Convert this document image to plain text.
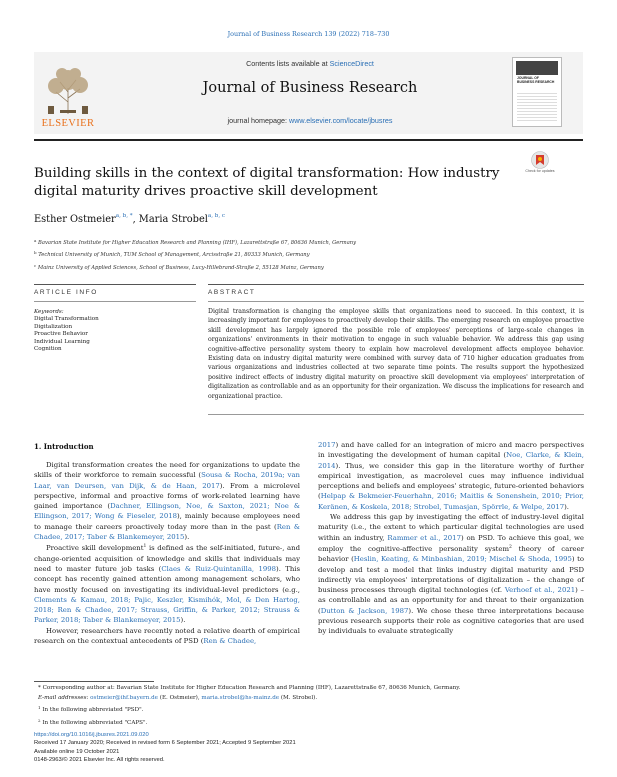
Journal of Business Research 139 (2022) 718–730
ELSEVIER
Contents lists available at ScienceDirect
Journal of Business Research
journal homepage: www.elsevier.com/locate/jbusres
JOURNAL OF BUSINESS RESEARCH
Building skills in the context of digital transformation: How industry digital maturity drives proactive skill development
Check for updates
Esther Ostmeier$^{a, b, *}$, Maria Strobel$^{a, b, c}$
$^a$ Bavarian State Institute for Higher Education Research and Planning (IHF), Lazarettstraße 67, 80636 Munich, Germany
$^b$ Technical University of Munich, TUM School of Management, Arcisstraße 21, 80333 Munich, Germany
$^c$ Mainz University of Applied Sciences, School of Business, Lucy-Hillebrand-Straße 2, 55128 Mainz, Germany
ARTICLE INFO	ABSTRACT
Keywords:
Digital Transformation
Digitalization
Proactive Behavior
Individual Learning
Cognition
Digital transformation is changing the employee skills that organizations need to succeed. In this context, it is increasingly important for employees to proactively develop their skills. The emerging research on employee proactive skill development has largely ignored the possible role of employees' perceptions of large-scale changes in organizations' environments in their motivation to engage in such valuable behavior. We address this gap using cognitive-affective personality system theory to explain how macrolevel development affects employee behavior. Existing data on industry digital maturity were combined with survey data of 710 higher education graduates from various organizations and industries collected at two separate time points. The results support the hypothesized positive indirect effects of industry digital maturity on proactive skill development via employees' interpretation of digitalization as controllable and as an opportunity for their organization. We discuss the implications for research and organizational practice.
1. Introduction

Digital transformation creates the need for organizations to update the skills of their workforce to remain successful (Sousa & Rocha, 2019a; van Laar, van Deursen, van Dijk, & de Haan, 2017). From a microlevel perspective, informal and proactive forms of work-related learning have gained importance (Dachner, Ellingson, Noe, & Saxton, 2021; Noe & Ellingson, 2017; Wong & Fieseler, 2018), mainly because employees need to manage their careers proactively today more than in the past (Ren & Chadee, 2017; Taber & Blankemeyer, 2015).

Proactive skill development$^1$ is defined as the self-initiated, future-, and change-oriented acquisition of knowledge and skills that individuals may need to master future job tasks (Claes & Ruiz-Quintanilla, 1998). This concept has recently gained attention among management scholars, who have mostly focused on investigating its individual-level predictors (e.g., Clements & Kamau, 2018; Pajic, Keszler, Kismihók, Mol, & Den Hartog, 2018; Ren & Chadee, 2017; Strauss, Griffin, & Parker, 2012; Strauss & Parker, 2018; Taber & Blankemeyer, 2015).

However, researchers have recently noted a relative dearth of empirical research on the contextual antecedents of PSD (Ren & Chadee,

2017) and have called for an integration of micro and macro perspectives in investigating the development of human capital (Noe, Clarke, & Klein, 2014). Thus, we consider this gap in the literature worthy of further empirical investigation, as macrolevel cues may influence individual perceptions and beliefs and employees' strategic, future-oriented behaviors (Helpap & Bekmeier-Feuerhahn, 2016; Maitlis & Sonenshein, 2010; Prior, Keränen, & Koskela, 2018; Strobel, Tumasjan, Spörrle, & Welpe, 2017).

We address this gap by investigating the effect of industry-level digital maturity (i.e., the extent to which particular digital technologies are used within an industry, Rammer et al., 2017) on PSD. To achieve this goal, we employ the cognitive-affective personality system$^2$ theory of career behavior (Heslin, Keating, & Minbashian, 2019; Mischel & Shoda, 1995) to develop and test a model that links industry digital maturity and PSD indirectly via employees' interpretations of digitalization – the change of business processes through digital technologies (cf. Verhoef et al., 2021) – as controllable and as an opportunity for and threat to their organization (Dutton & Jackson, 1987). We chose these three interpretations because previous research supports their role as cognitive categories that are used by individuals to evaluate strategically

* Corresponding author at: Bavarian State Institute for Higher Education Research and Planning (IHF), Lazarettstraße 67, 80636 Munich, Germany.
E-mail addresses: ostmeier@ihf.bayern.de (E. Ostmeier), maria.strobel@hs-mainz.de (M. Strobel).
$^1$ In the following abbreviated "PSD".
$^2$ In the following abbreviated "CAPS".
https://doi.org/10.1016/j.jbusres.2021.09.020
Received 17 January 2020; Received in revised form 6 September 2021; Accepted 9 September 2021
Available online 19 October 2021
0148-2963/© 2021 Elsevier Inc. All rights reserved.
